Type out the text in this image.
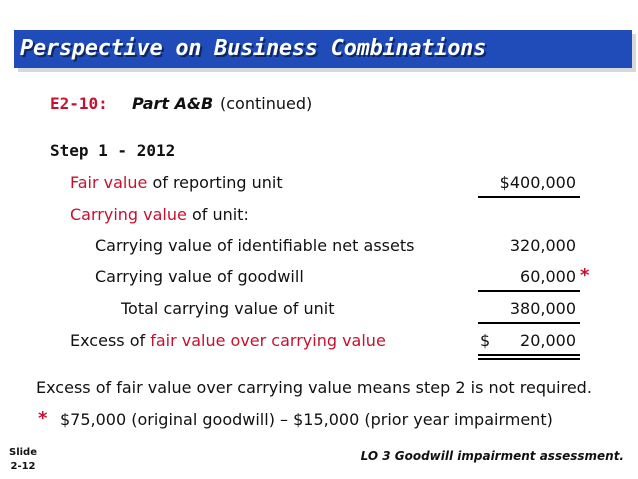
Perspective on Business Combinations
E2-10: Part A&B (continued)
Step 1 - 2012
Fair value of reporting unit	$400,000
Carrying value of unit:
Carrying value of identifiable net assets	320,000
Carrying value of goodwill	60,000 *
Total carrying value of unit	380,000
Excess of fair value over carrying value	$	20,000
Excess of fair value over carrying value means step 2 is not required.
* $75,000 (original goodwill) – $15,000 (prior year impairment)
Slide
2-12
LO 3 Goodwill impairment assessment.
